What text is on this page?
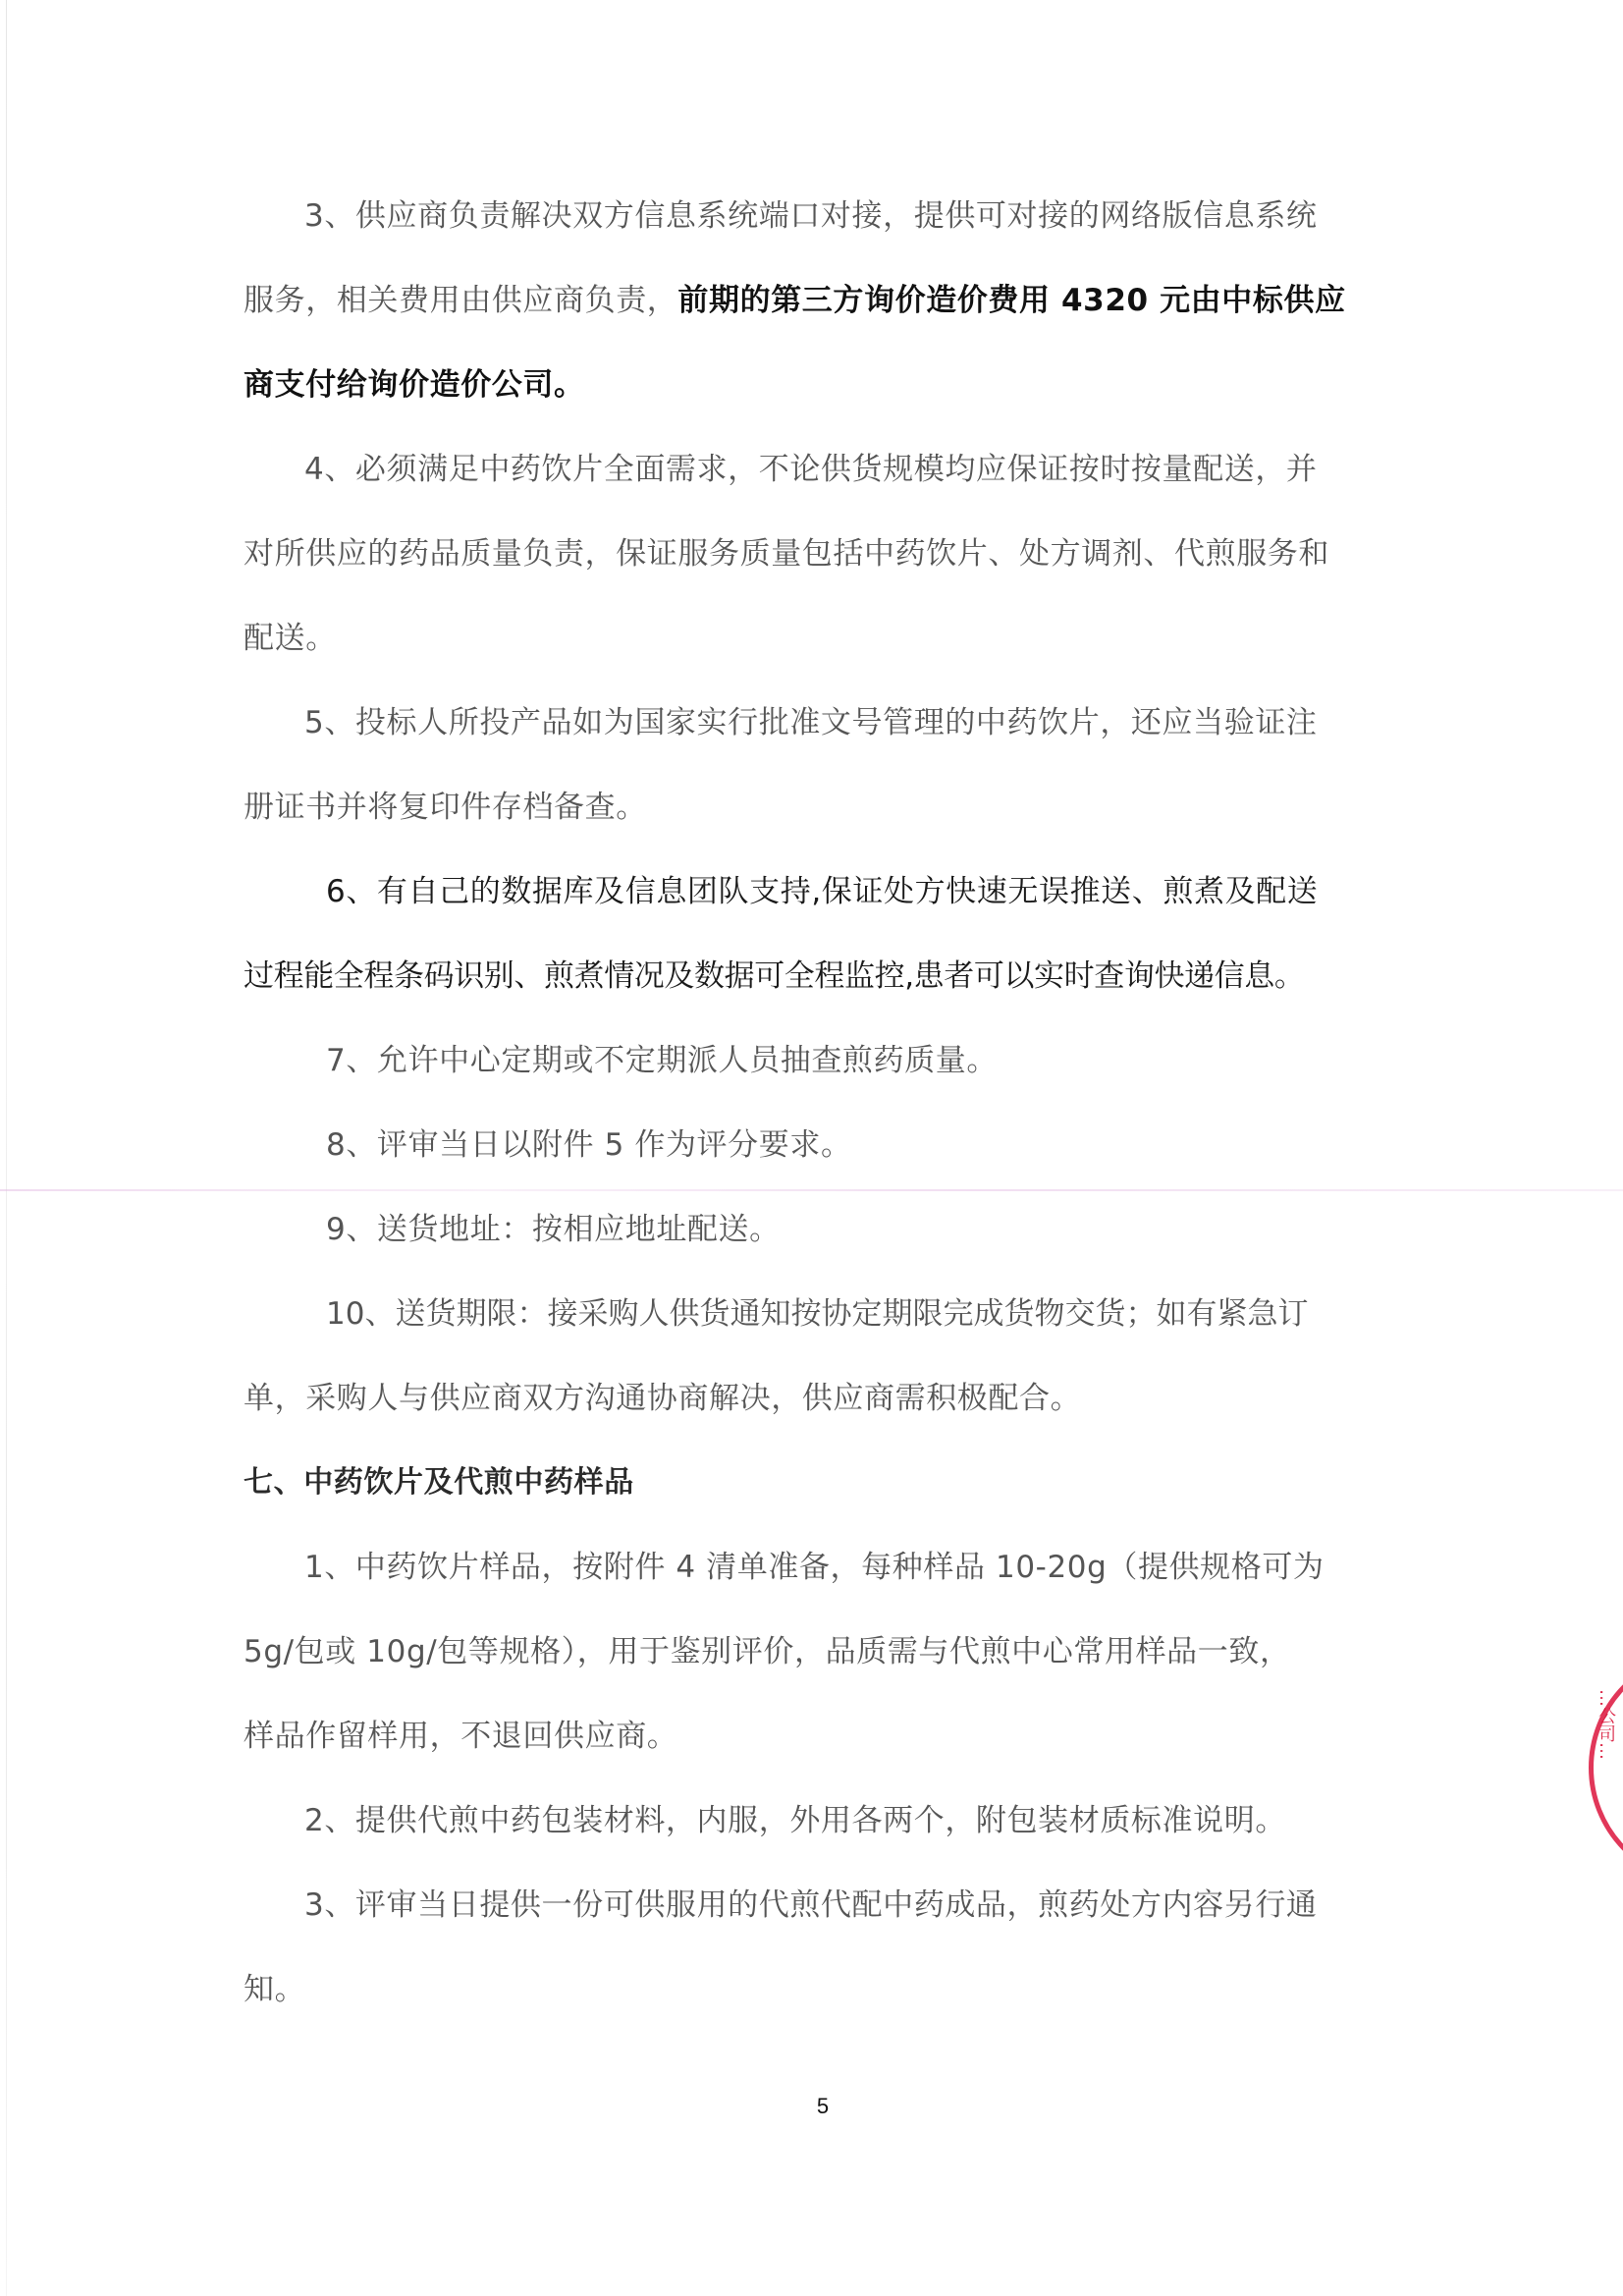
3、供应商负责解决双方信息系统端口对接，提供可对接的网络版信息系统
服务，相关费用由供应商负责，前期的第三方询价造价费用 4320 元由中标供应
商支付给询价造价公司。
4、必须满足中药饮片全面需求，不论供货规模均应保证按时按量配送，并
对所供应的药品质量负责，保证服务质量包括中药饮片、处方调剂、代煎服务和
配送。
5、投标人所投产品如为国家实行批准文号管理的中药饮片，还应当验证注
册证书并将复印件存档备查。
6、有自己的数据库及信息团队支持,保证处方快速无误推送、煎煮及配送
过程能全程条码识别、煎煮情况及数据可全程监控,患者可以实时查询快递信息。
7、允许中心定期或不定期派人员抽查煎药质量。
8、评审当日以附件 5 作为评分要求。
9、送货地址：按相应地址配送。
10、送货期限：接采购人供货通知按协定期限完成货物交货；如有紧急订
单，采购人与供应商双方沟通协商解决，供应商需积极配合。
七、中药饮片及代煎中药样品
1、中药饮片样品，按附件 4 清单准备，每种样品 10-20g（提供规格可为
5g/包或 10g/包等规格），用于鉴别评价，品质需与代煎中心常用样品一致，
样品作留样用，不退回供应商。
2、提供代煎中药包装材料，内服，外用各两个，附包装材质标准说明。
3、评审当日提供一份可供服用的代煎代配中药成品，煎药处方内容另行通
知。
5
…公司…
